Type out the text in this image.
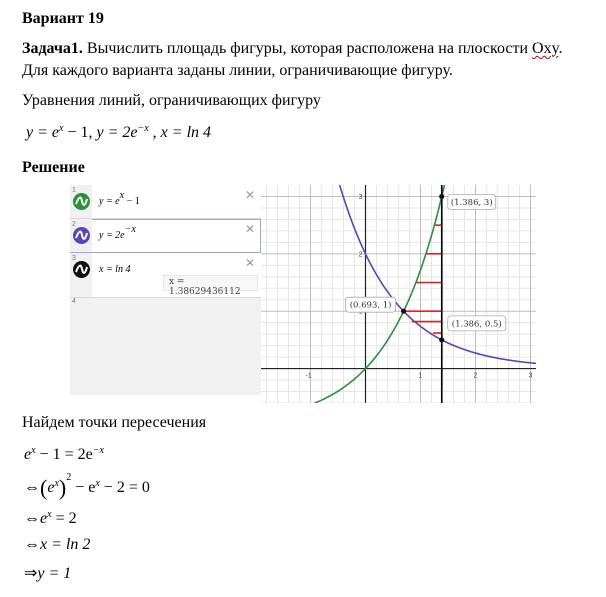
Вариант 19
Задача1. Вычислить площадь фигуры, которая расположена на плоскости Oxy. Для каждого варианта заданы линии, ограничивающие фигуру.
Уравнения линий, ограничивающих фигуру
$y = e^x - 1$, $y = 2e^{-x}$ , x = ln 4
Решение
1
$y = e^x - 1$	✕
2
$y = 2e^{-x}$	✕
3
x = ln 4	✕
x = 1.38629436112
4
-1	1	2	3
2
3
(0.693, 1)
(1.386, 3)
(1.386, 0.5)
Найдем точки пересечения
$e^x - 1 = 2e^{-x}$
$\Leftrightarrow(e^x)^2 - e^x - 2 = 0$
$\Leftrightarrow e^x = 2$
⇔x = ln 2
⇒y = 1
